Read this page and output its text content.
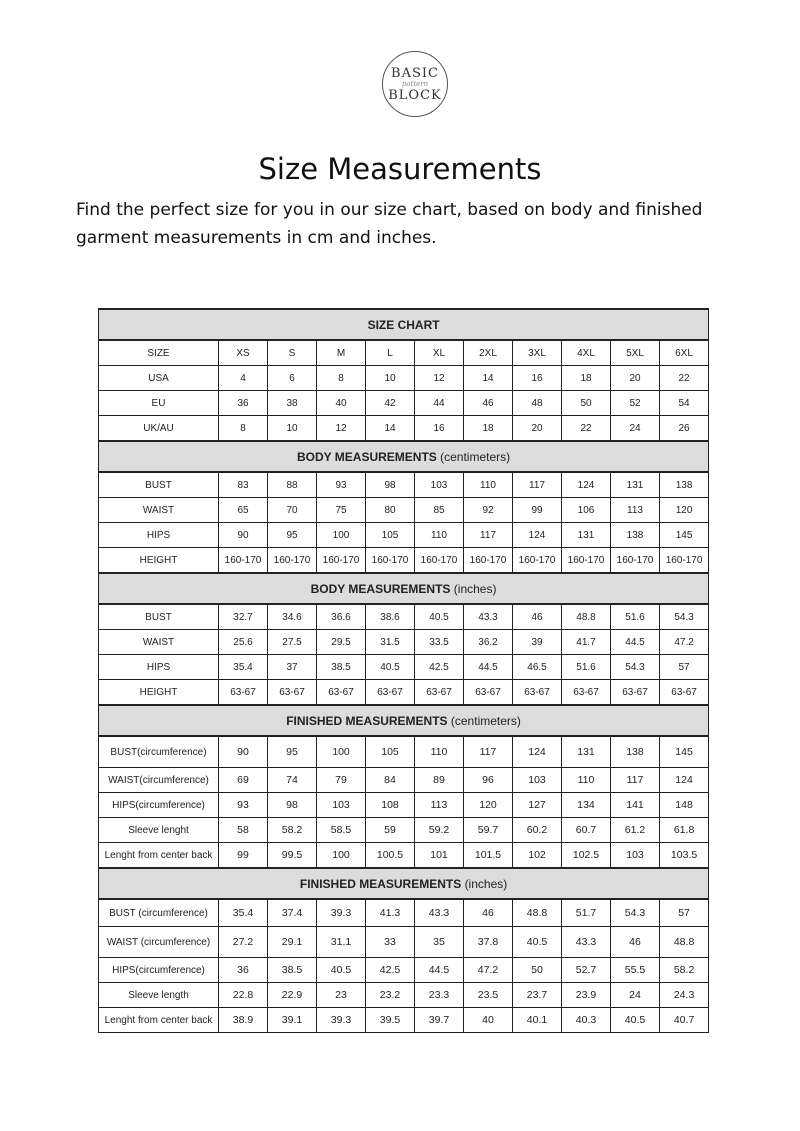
BASIC
pattern
BLOCK
Size Measurements
Find the perfect size for you in our size chart, based on body and finished garment measurements in cm and inches.
SIZE CHART										
SIZE	XS	S	M	L	XL	2XL	3XL	4XL	5XL	6XL
USA	4	6	8	10	12	14	16	18	20	22
EU	36	38	40	42	44	46	48	50	52	54
UK/AU	8	10	12	14	16	18	20	22	24	26
BODY MEASUREMENTS (centimeters)										
BUST	83	88	93	98	103	110	117	124	131	138
WAIST	65	70	75	80	85	92	99	106	113	120
HIPS	90	95	100	105	110	117	124	131	138	145
HEIGHT	160-170	160-170	160-170	160-170	160-170	160-170	160-170	160-170	160-170	160-170
BODY MEASUREMENTS (inches)										
BUST	32.7	34.6	36.6	38.6	40.5	43.3	46	48.8	51.6	54.3
WAIST	25.6	27.5	29.5	31.5	33.5	36.2	39	41.7	44.5	47.2
HIPS	35.4	37	38.5	40.5	42.5	44.5	46.5	51.6	54.3	57
HEIGHT	63-67	63-67	63-67	63-67	63-67	63-67	63-67	63-67	63-67	63-67
FINISHED MEASUREMENTS (centimeters)										
BUST(circumference)	90	95	100	105	110	117	124	131	138	145
WAIST(circumference)	69	74	79	84	89	96	103	110	117	124
HIPS(circumference)	93	98	103	108	113	120	127	134	141	148
Sleeve lenght	58	58.2	58.5	59	59.2	59.7	60.2	60.7	61.2	61.8
Lenght from center back	99	99.5	100	100.5	101	101.5	102	102.5	103	103.5
FINISHED MEASUREMENTS (inches)										
BUST (circumference)	35.4	37.4	39.3	41.3	43.3	46	48.8	51.7	54.3	57
WAIST (circumference)	27.2	29.1	31.1	33	35	37.8	40.5	43.3	46	48.8
HIPS(circumference)	36	38.5	40.5	42.5	44.5	47.2	50	52.7	55.5	58.2
Sleeve length	22.8	22.9	23	23.2	23.3	23.5	23.7	23.9	24	24.3
Lenght from center back	38.9	39.1	39.3	39.5	39.7	40	40.1	40.3	40.5	40.7
